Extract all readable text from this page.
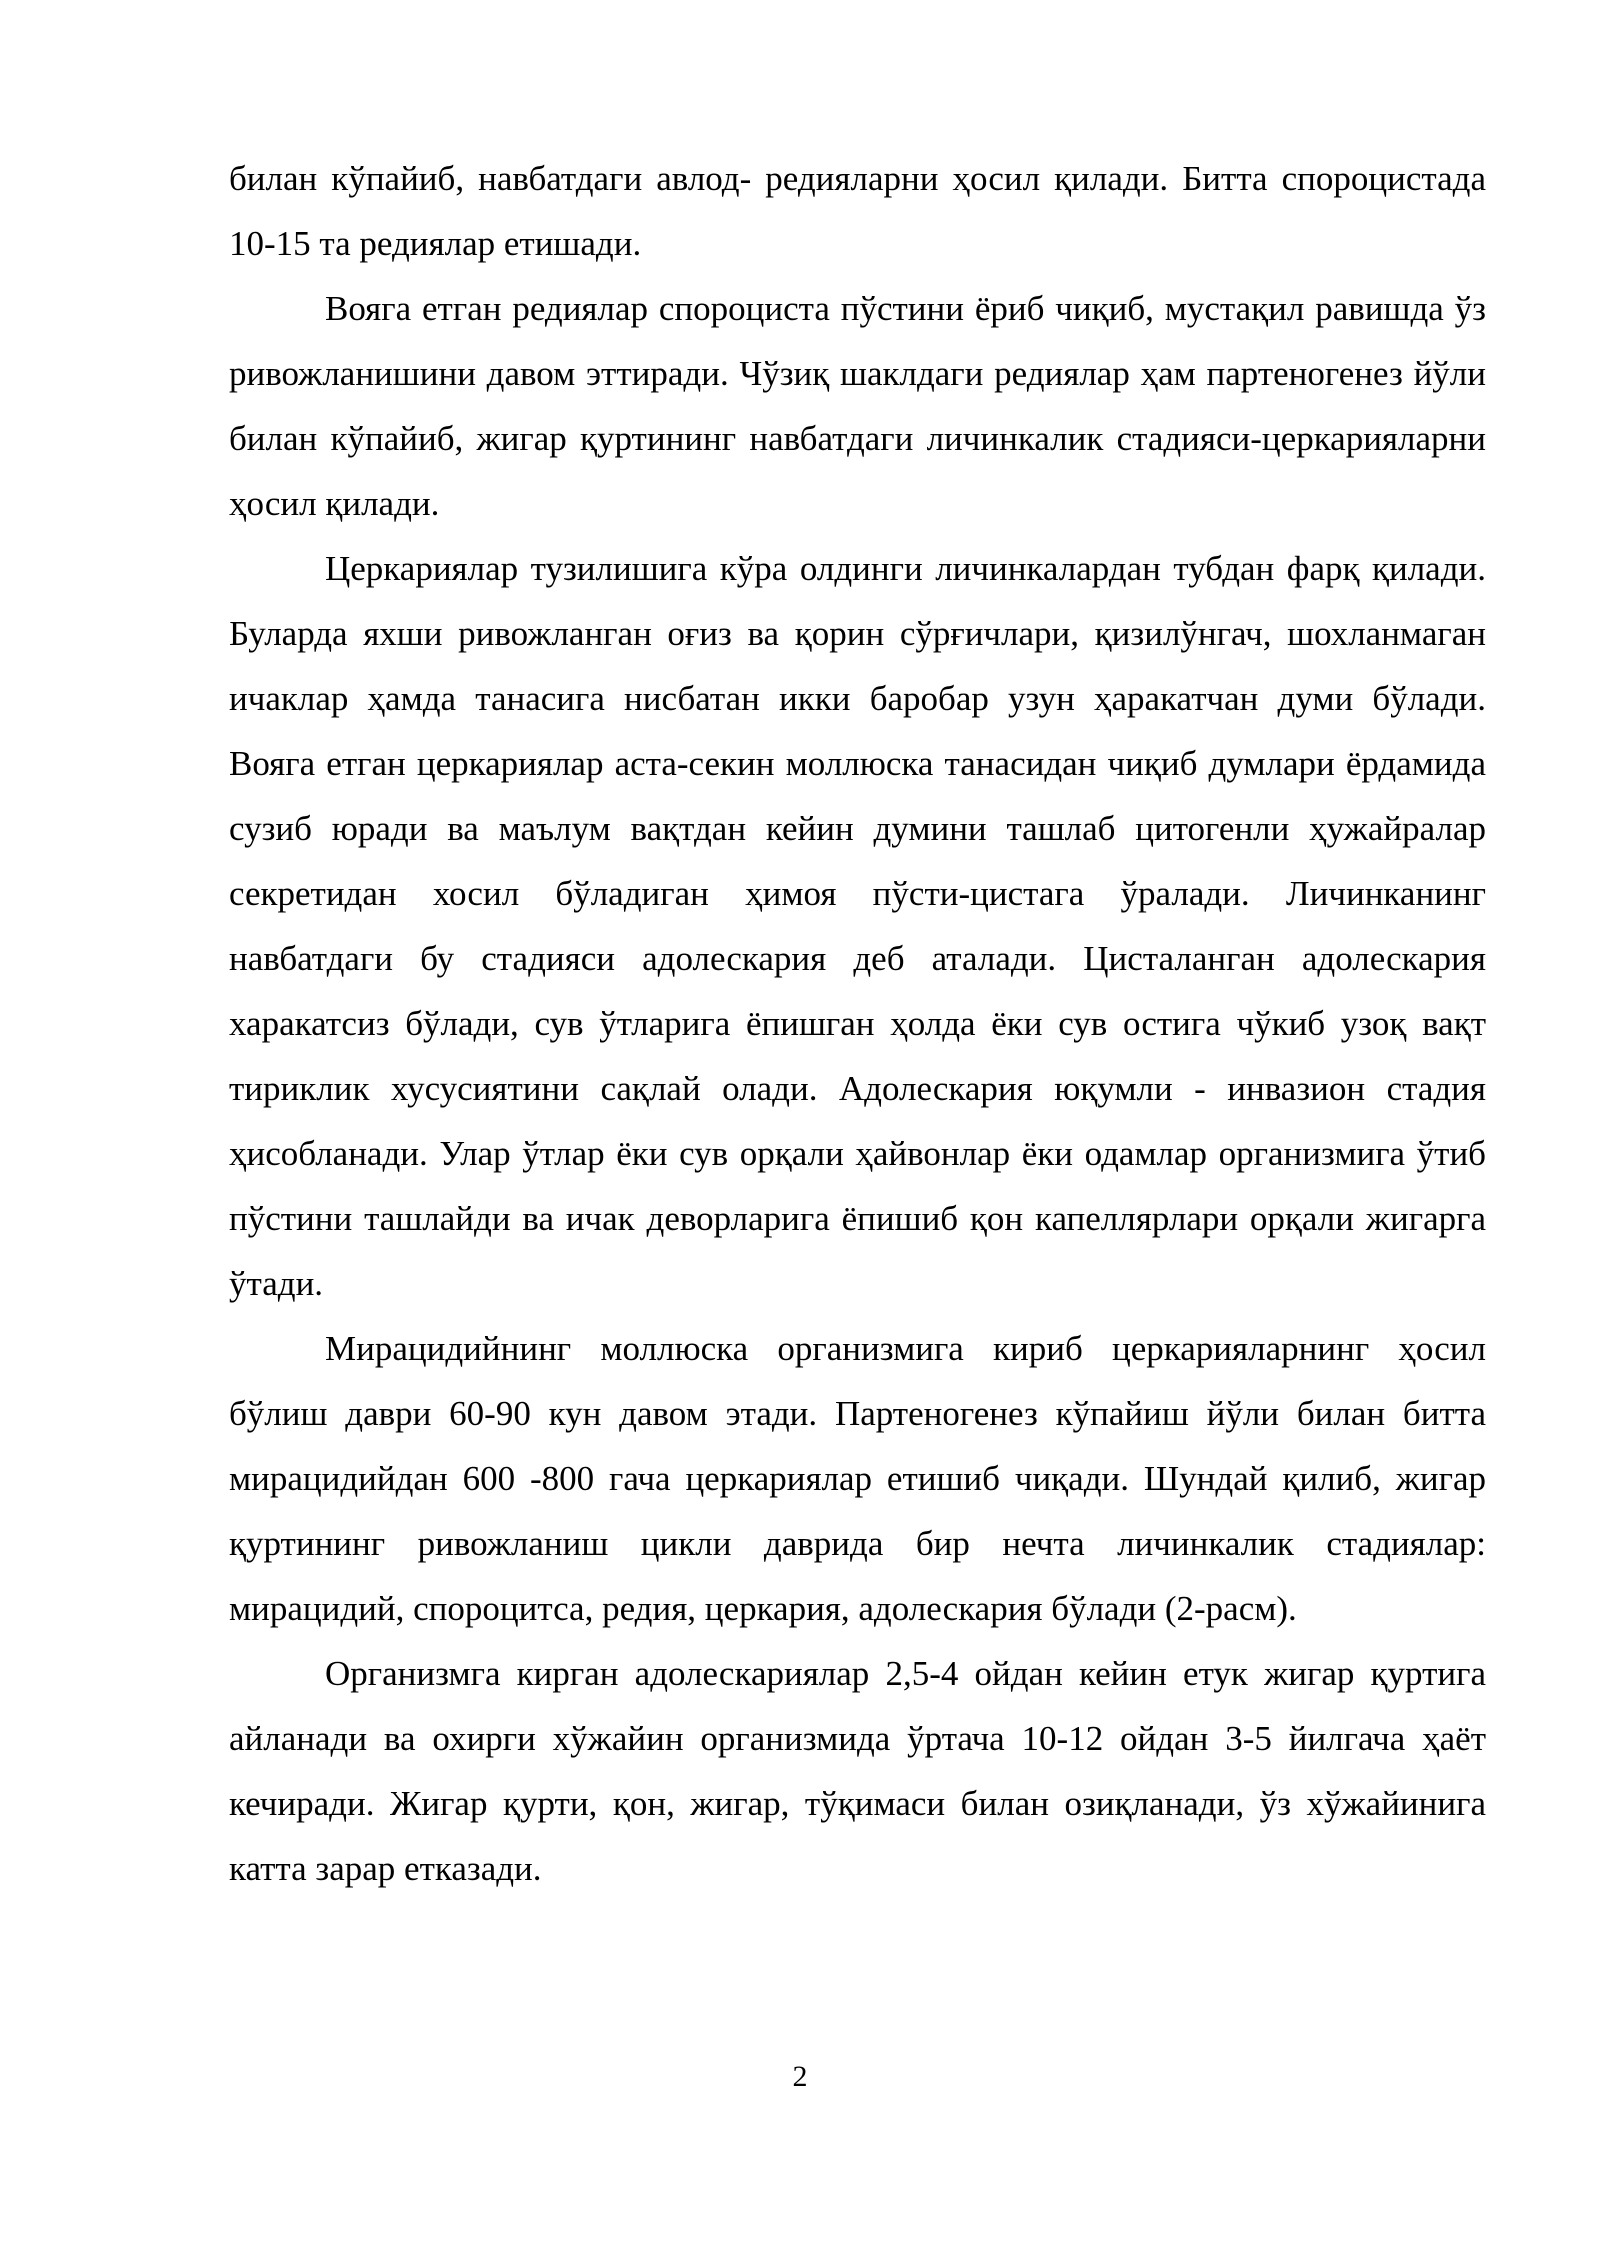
билан кўпайиб, навбатдаги авлод- редияларни ҳосил қилади. Битта спороцистада 10-15 та редиялар етишади.

Вояга етган редиялар спороциста пўстини ёриб чиқиб, мустақил равишда ўз ривожланишини давом эттиради. Чўзиқ шаклдаги редиялар ҳам партеногенез йўли билан кўпайиб, жигар қуртининг навбатдаги личинкалик стадияси-церкарияларни ҳосил қилади.

Церкариялар тузилишига кўра олдинги личинкалардан тубдан фарқ қилади. Буларда яхши ривожланган оғиз ва қорин сўрғичлари, қизилўнгач, шохланмаган ичаклар ҳамда танасига нисбатан икки баробар узун ҳаракатчан думи бўлади. Вояга етган церкариялар аста-секин моллюска танасидан чиқиб думлари ёрдамида сузиб юради ва маълум вақтдан кейин думини ташлаб цитогенли ҳужайралар секретидан хосил бўладиган ҳимоя пўсти-цистага ўралади. Личинканинг навбатдаги бу стадияси адолескария деб аталади. Цисталанган адолескария харакатсиз бўлади, сув ўтларига ёпишган ҳолда ёки сув остига чўкиб узоқ вақт тириклик хусусиятини сақлай олади. Адолескария юқумли - инвазион стадия ҳисобланади. Улар ўтлар ёки сув орқали ҳайвонлар ёки одамлар организмига ўтиб пўстини ташлайди ва ичак деворларига ёпишиб қон капеллярлари орқали жигарга ўтади.

Мирацидийнинг моллюска организмига кириб церкарияларнинг ҳосил бўлиш даври 60-90 кун давом этади. Партеногенез кўпайиш йўли билан битта мирацидийдан 600 -800 гача церкариялар етишиб чиқади. Шундай қилиб, жигар қуртининг ривожланиш цикли даврида бир нечта личинкалик стадиялар: мирацидий, спороцитса, редия, церкария, адолескария бўлади (2-расм).

Организмга кирган адолескариялар 2,5-4 ойдан кейин етук жигар қуртига айланади ва охирги хўжайин организмида ўртача 10-12 ойдан 3-5 йилгача ҳаёт кечиради. Жигар қурти, қон, жигар, тўқимаси билан озиқланади, ўз хўжайинига катта зарар етказади.

2
